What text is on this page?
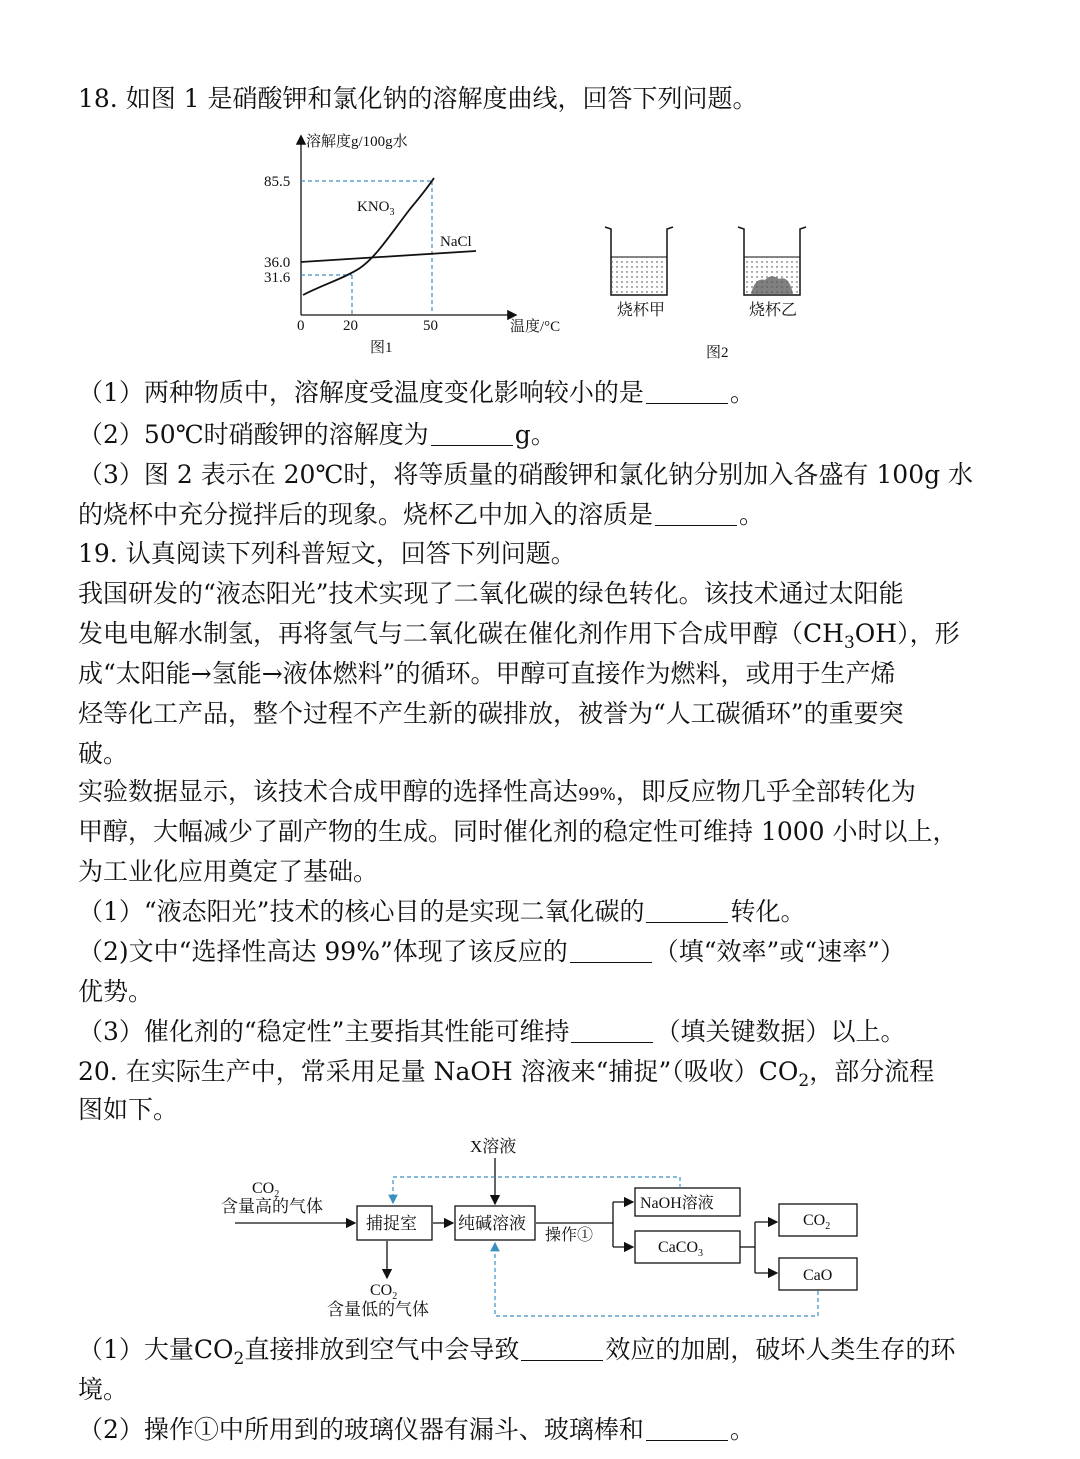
18. 如图 1 是硝酸钾和氯化钠的溶解度曲线，回答下列问题。
溶解度g/100g水
温度/°C
$KNO_3$
NaCl
85.5
36.0
31.6
0	20	50
图1
烧杯甲	烧杯乙
图2
（1）两种物质中，溶解度受温度变化影响较小的是	。
（2）50℃时硝酸钾的溶解度为	g。
（3）图 2 表示在 20℃时，将等质量的硝酸钾和氯化钠分别加入各盛有 100g 水
的烧杯中充分搅拌后的现象。烧杯乙中加入的溶质是	。
19. 认真阅读下列科普短文，回答下列问题。
我国研发的“液态阳光”技术实现了二氧化碳的绿色转化。该技术通过太阳能
发电电解水制氢，再将氢气与二氧化碳在催化剂作用下合成甲醇$(CH_3OH)$，形
成“太阳能→氢能→液体燃料”的循环。甲醇可直接作为燃料，或用于生产烯
烃等化工产品，整个过程不产生新的碳排放，被誉为“人工碳循环”的重要突
破。
实验数据显示，该技术合成甲醇的选择性高达99%，即反应物几乎全部转化为
甲醇，大幅减少了副产物的生成。同时催化剂的稳定性可维持 1000 小时以上，
为工业化应用奠定了基础。
（1）“液态阳光”技术的核心目的是实现二氧化碳的	转化。
（2)文中“选择性高达 99%”体现了该反应的	（填“效率”或“速率”）
优势。
（3）催化剂的“稳定性”主要指其性能可维持	（填关键数据）以上。
20. 在实际生产中，常采用足量 NaOH 溶液来“捕捉”（吸收）$CO_2$，部分流程
图如下。
X溶液
$CO_2$
含量高的气体
捕捉室 纯碱溶液
操作①
NaOH溶液
CaCO$_3$
$CO_2$
CaO
$CO_2$
含量低的气体
（1）大量$CO_2$直接排放到空气中会导致	效应的加剧，破坏人类生存的环
境。
（2）操作①中所用到的玻璃仪器有漏斗、玻璃棒和	。
